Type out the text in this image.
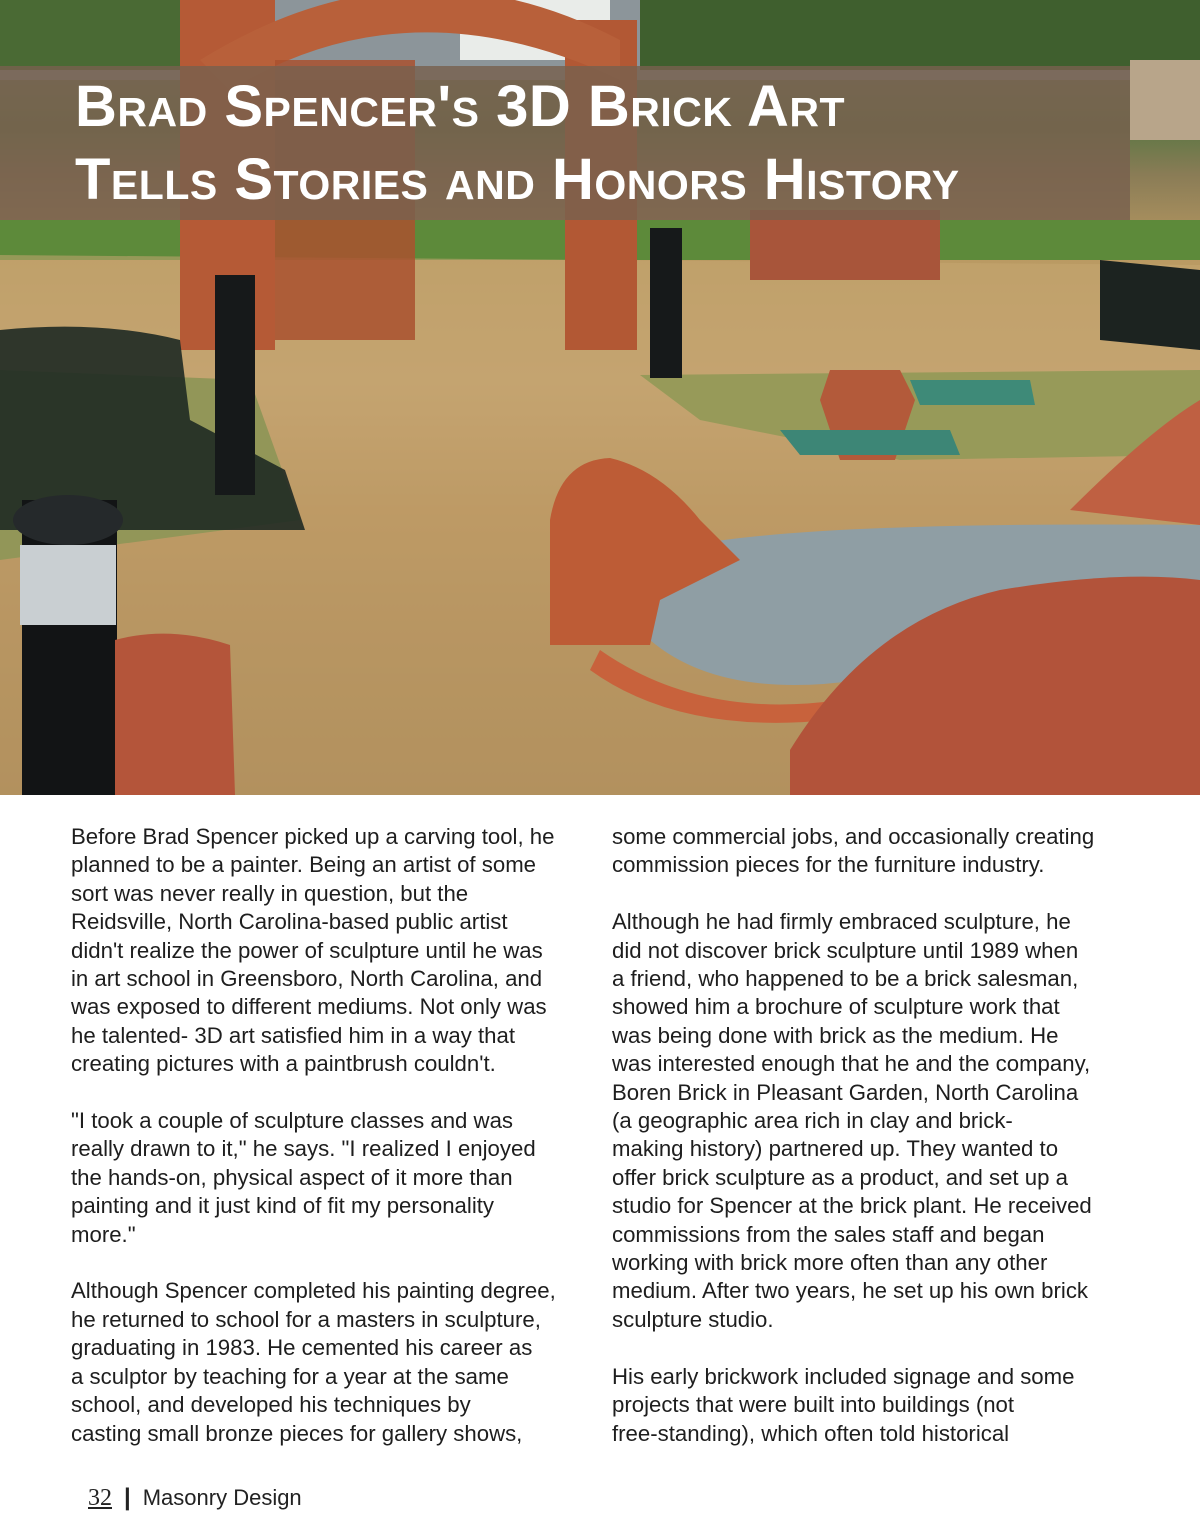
Brad Spencer's 3D Brick Art
Tells Stories and Honors History

Before Brad Spencer picked up a carving tool, he
planned to be a painter. Being an artist of some
sort was never really in question, but the
Reidsville, North Carolina-based public artist
didn't realize the power of sculpture until he was
in art school in Greensboro, North Carolina, and
was exposed to different mediums. Not only was
he talented- 3D art satisfied him in a way that
creating pictures with a paintbrush couldn't.

"I took a couple of sculpture classes and was
really drawn to it," he says. "I realized I enjoyed
the hands-on, physical aspect of it more than
painting and it just kind of fit my personality
more."

Although Spencer completed his painting degree,
he returned to school for a masters in sculpture,
graduating in 1983. He cemented his career as
a sculptor by teaching for a year at the same
school, and developed his techniques by
casting small bronze pieces for gallery shows,

some commercial jobs, and occasionally creating
commission pieces for the furniture industry.

Although he had firmly embraced sculpture, he
did not discover brick sculpture until 1989 when
a friend, who happened to be a brick salesman,
showed him a brochure of sculpture work that
was being done with brick as the medium. He
was interested enough that he and the company,
Boren Brick in Pleasant Garden, North Carolina
(a geographic area rich in clay and brick-
making history) partnered up. They wanted to
offer brick sculpture as a product, and set up a
studio for Spencer at the brick plant. He received
commissions from the sales staff and began
working with brick more often than any other
medium. After two years, he set up his own brick
sculpture studio.

His early brickwork included signage and some
projects that were built into buildings (not
free-standing), which often told historical

32 | Masonry Design
